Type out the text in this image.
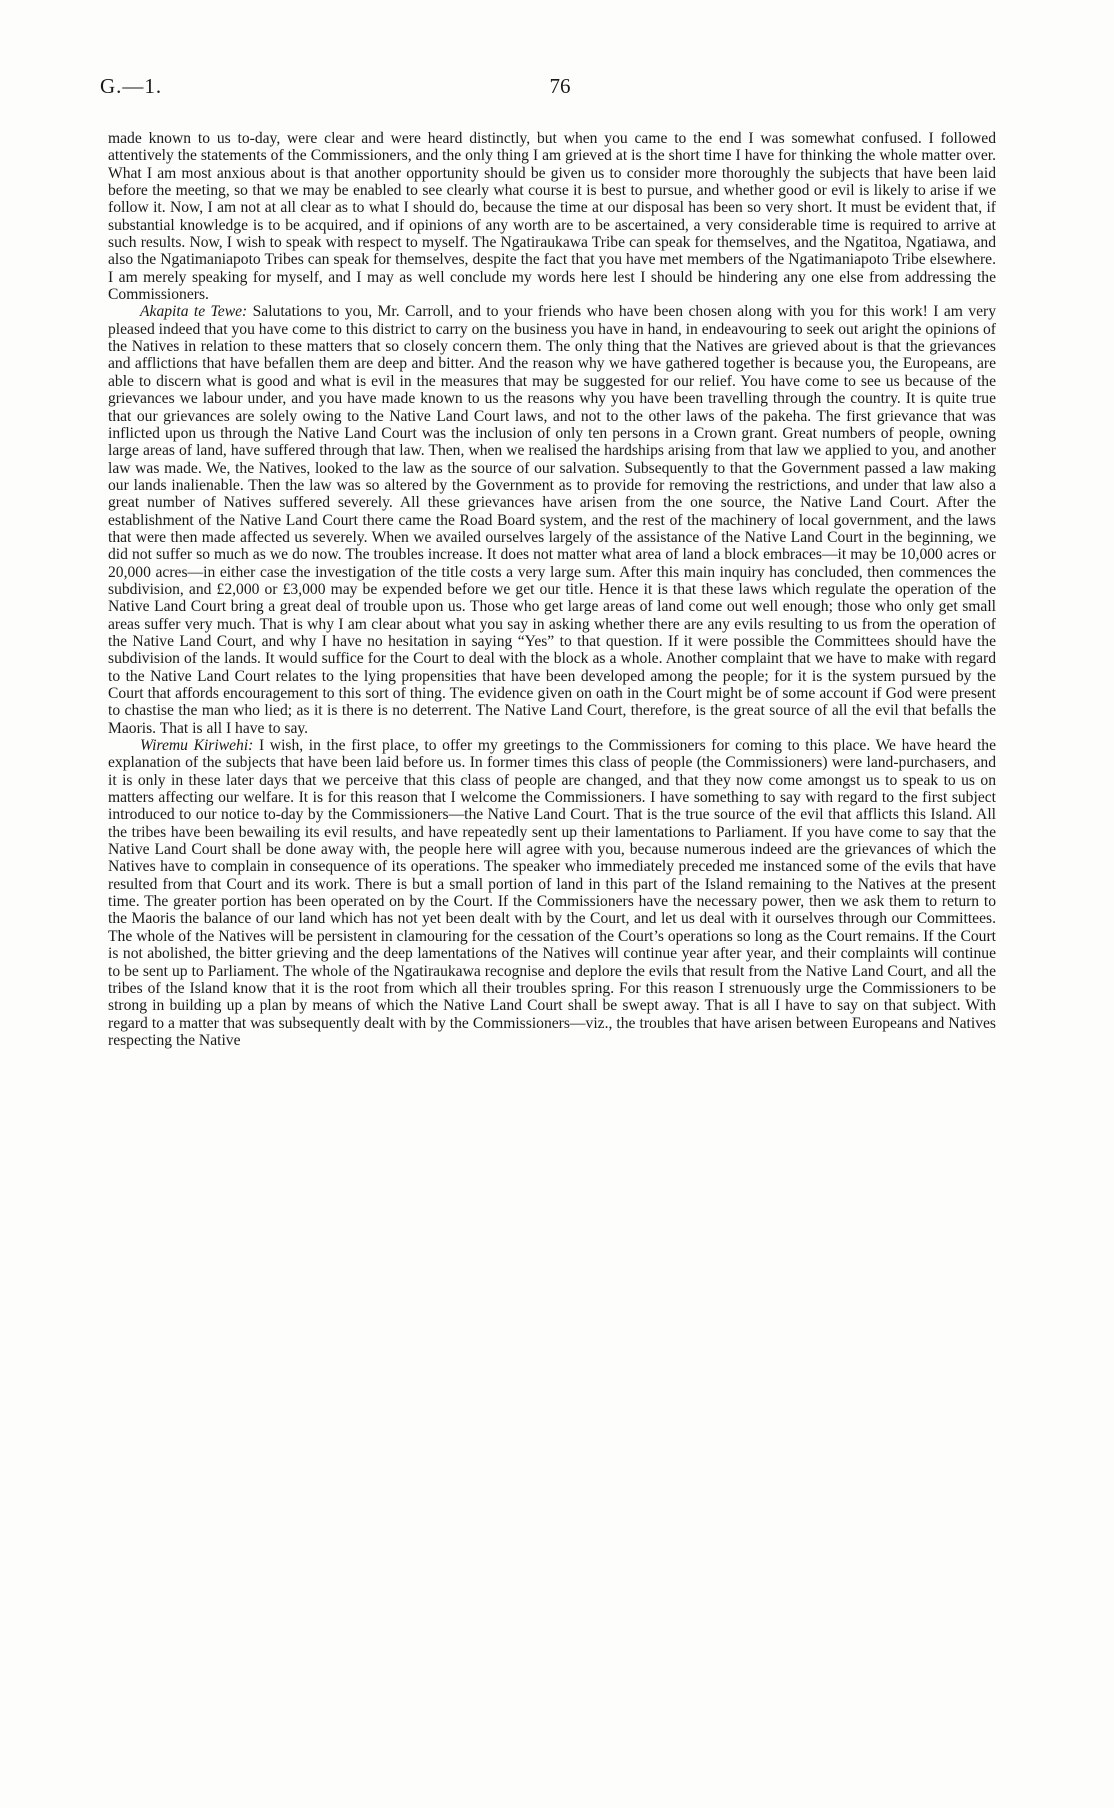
G.—1.	76

made known to us to-day, were clear and were heard distinctly, but when you came to the end I was somewhat confused. I followed attentively the statements of the Commissioners, and the only thing I am grieved at is the short time I have for thinking the whole matter over. What I am most anxious about is that another opportunity should be given us to consider more thoroughly the subjects that have been laid before the meeting, so that we may be enabled to see clearly what course it is best to pursue, and whether good or evil is likely to arise if we follow it. Now, I am not at all clear as to what I should do, because the time at our disposal has been so very short. It must be evident that, if substantial knowledge is to be acquired, and if opinions of any worth are to be ascertained, a very considerable time is required to arrive at such results. Now, I wish to speak with respect to myself. The Ngatiraukawa Tribe can speak for themselves, and the Ngatitoa, Ngatiawa, and also the Ngatimaniapoto Tribes can speak for themselves, despite the fact that you have met members of the Ngatimaniapoto Tribe elsewhere. I am merely speaking for myself, and I may as well conclude my words here lest I should be hindering any one else from addressing the Commissioners.

Akapita te Tewe: Salutations to you, Mr. Carroll, and to your friends who have been chosen along with you for this work! I am very pleased indeed that you have come to this district to carry on the business you have in hand, in endeavouring to seek out aright the opinions of the Natives in relation to these matters that so closely concern them. The only thing that the Natives are grieved about is that the grievances and afflictions that have befallen them are deep and bitter. And the reason why we have gathered together is because you, the Europeans, are able to discern what is good and what is evil in the measures that may be suggested for our relief. You have come to see us because of the grievances we labour under, and you have made known to us the reasons why you have been travelling through the country. It is quite true that our grievances are solely owing to the Native Land Court laws, and not to the other laws of the pakeha. The first grievance that was inflicted upon us through the Native Land Court was the inclusion of only ten persons in a Crown grant. Great numbers of people, owning large areas of land, have suffered through that law. Then, when we realised the hardships arising from that law we applied to you, and another law was made. We, the Natives, looked to the law as the source of our salvation. Subsequently to that the Government passed a law making our lands inalienable. Then the law was so altered by the Government as to provide for removing the restrictions, and under that law also a great number of Natives suffered severely. All these grievances have arisen from the one source, the Native Land Court. After the establishment of the Native Land Court there came the Road Board system, and the rest of the machinery of local government, and the laws that were then made affected us severely. When we availed ourselves largely of the assistance of the Native Land Court in the beginning, we did not suffer so much as we do now. The troubles increase. It does not matter what area of land a block embraces—it may be 10,000 acres or 20,000 acres—in either case the investigation of the title costs a very large sum. After this main inquiry has concluded, then commences the subdivision, and £2,000 or £3,000 may be expended before we get our title. Hence it is that these laws which regulate the operation of the Native Land Court bring a great deal of trouble upon us. Those who get large areas of land come out well enough; those who only get small areas suffer very much. That is why I am clear about what you say in asking whether there are any evils resulting to us from the operation of the Native Land Court, and why I have no hesitation in saying “Yes” to that question. If it were possible the Committees should have the subdivision of the lands. It would suffice for the Court to deal with the block as a whole. Another complaint that we have to make with regard to the Native Land Court relates to the lying propensities that have been developed among the people; for it is the system pursued by the Court that affords encouragement to this sort of thing. The evidence given on oath in the Court might be of some account if God were present to chastise the man who lied; as it is there is no deterrent. The Native Land Court, therefore, is the great source of all the evil that befalls the Maoris. That is all I have to say.

Wiremu Kiriwehi: I wish, in the first place, to offer my greetings to the Commissioners for coming to this place. We have heard the explanation of the subjects that have been laid before us. In former times this class of people (the Commissioners) were land-purchasers, and it is only in these later days that we perceive that this class of people are changed, and that they now come amongst us to speak to us on matters affecting our welfare. It is for this reason that I welcome the Commissioners. I have something to say with regard to the first subject introduced to our notice to-day by the Commissioners—the Native Land Court. That is the true source of the evil that afflicts this Island. All the tribes have been bewailing its evil results, and have repeatedly sent up their lamentations to Parliament. If you have come to say that the Native Land Court shall be done away with, the people here will agree with you, because numerous indeed are the grievances of which the Natives have to complain in consequence of its operations. The speaker who immediately preceded me instanced some of the evils that have resulted from that Court and its work. There is but a small portion of land in this part of the Island remaining to the Natives at the present time. The greater portion has been operated on by the Court. If the Commissioners have the necessary power, then we ask them to return to the Maoris the balance of our land which has not yet been dealt with by the Court, and let us deal with it ourselves through our Committees. The whole of the Natives will be persistent in clamouring for the cessation of the Court’s operations so long as the Court remains. If the Court is not abolished, the bitter grieving and the deep lamentations of the Natives will continue year after year, and their complaints will continue to be sent up to Parliament. The whole of the Ngatiraukawa recognise and deplore the evils that result from the Native Land Court, and all the tribes of the Island know that it is the root from which all their troubles spring. For this reason I strenuously urge the Commissioners to be strong in building up a plan by means of which the Native Land Court shall be swept away. That is all I have to say on that subject. With regard to a matter that was subsequently dealt with by the Commissioners—viz., the troubles that have arisen between Europeans and Natives respecting the Native
